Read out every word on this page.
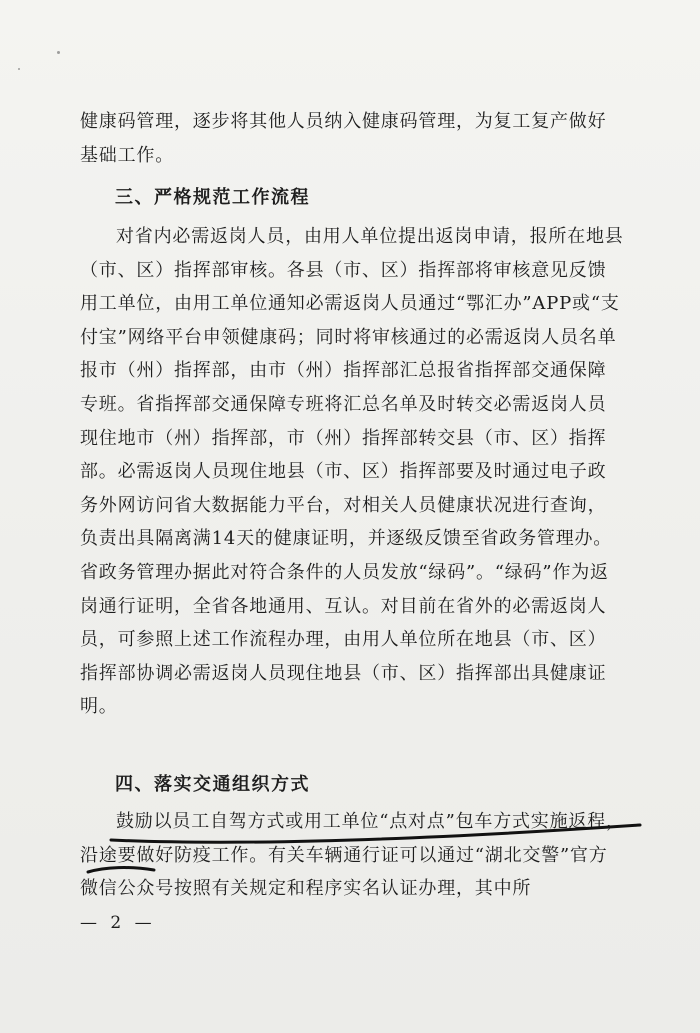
健康码管理，逐步将其他人员纳入健康码管理，为复工复产做好基础工作。

三、严格规范工作流程

对省内必需返岗人员，由用人单位提出返岗申请，报所在地县（市、区）指挥部审核。各县（市、区）指挥部将审核意见反馈用工单位，由用工单位通知必需返岗人员通过“鄂汇办”APP或“支付宝”网络平台申领健康码；同时将审核通过的必需返岗人员名单报市（州）指挥部，由市（州）指挥部汇总报省指挥部交通保障专班。省指挥部交通保障专班将汇总名单及时转交必需返岗人员现住地市（州）指挥部，市（州）指挥部转交县（市、区）指挥部。必需返岗人员现住地县（市、区）指挥部要及时通过电子政务外网访问省大数据能力平台，对相关人员健康状况进行查询，负责出具隔离满14天的健康证明，并逐级反馈至省政务管理办。省政务管理办据此对符合条件的人员发放“绿码”。“绿码”作为返岗通行证明，全省各地通用、互认。对目前在省外的必需返岗人员，可参照上述工作流程办理，由用人单位所在地县（市、区）指挥部协调必需返岗人员现住地县（市、区）指挥部出具健康证明。

四、落实交通组织方式

鼓励以员工自驾方式或用工单位“点对点”包车方式实施返程，沿途要做好防疫工作。有关车辆通行证可以通过“湖北交警”官方微信公众号按照有关规定和程序实名认证办理，其中所

— 2 —
